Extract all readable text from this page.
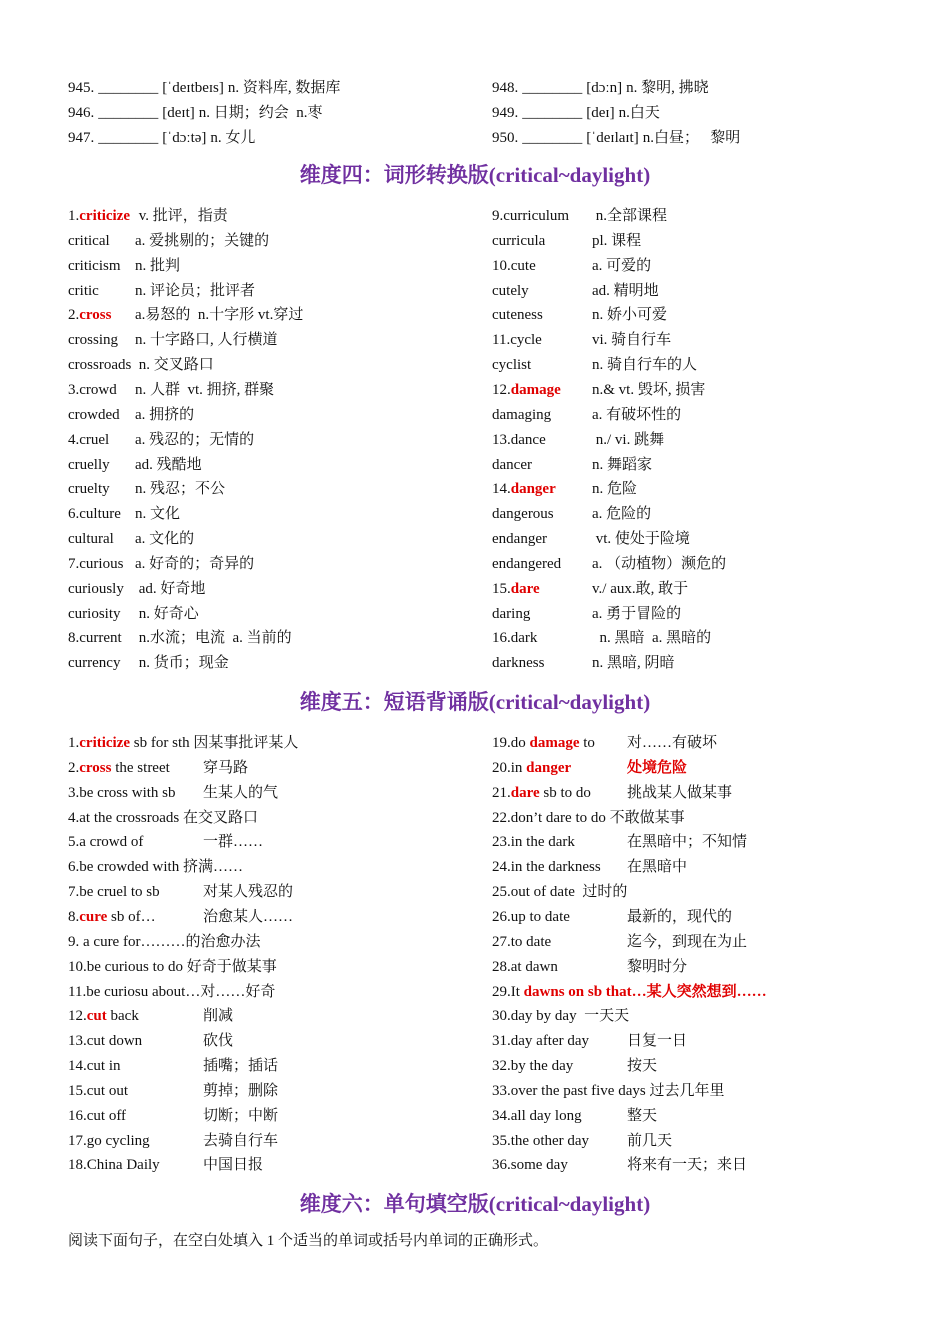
945. ________ [ˈdeɪtbeɪs] n. 资料库, 数据库
946. ________ [deɪt] n. 日期；约会  n.枣
947. ________ [ˈdɔːtə] n. 女儿
948. ________ [dɔːn] n. 黎明, 拂晓
949. ________ [deɪ] n.白天
950. ________ [ˈdeɪlaɪt] n.白昼；   黎明
1.criticize v. 批评，指责
critical a. 爱挑剔的；关键的
criticism n. 批判
critic n. 评论员；批评者
2.cross a.易怒的  n.十字形 vt.穿过
crossing n. 十字路口, 人行横道
crossroads n. 交叉路口
3.crowd n. 人群  vt. 拥挤, 群聚
crowded a. 拥挤的
4.cruel a. 残忍的；无情的
cruelly ad. 残酷地
cruelty n. 残忍；不公
6.culture n. 文化
cultural a. 文化的
7.curious a. 好奇的；奇异的
curiously ad. 好奇地
curiosity n. 好奇心
8.current n.水流；电流  a. 当前的
currency n. 货币；现金
9.curriculum n.全部课程
curricula	pl. 课程
10.cute	a. 可爱的
cutely	ad. 精明地
cuteness	n. 娇小可爱
11.cycle	vi. 骑自行车
cyclist	n. 骑自行车的人
12.damage n.& vt. 毁坏, 损害
damaging	a. 有破坏性的
13.dance	n./ vi. 跳舞
dancer	n. 舞蹈家
14.danger n. 危险
dangerous	a. 危险的
endanger	vt. 使处于险境
endangered a. （动植物）濒危的
15.dare	v./ aux.敢, 敢于
daring	a. 勇于冒险的
16.dark	n. 黑暗  a. 黑暗的
darkness	n. 黑暗, 阴暗
1.criticize sb for sth 因某事批评某人
2.cross the street 穿马路
3.be cross with sb 生某人的气
4.at the crossroads 在交叉路口
5.a crowd of	一群……
6.be crowded with 挤满……
7.be cruel to sb	对某人残忍的
8.cure sb of…	治愈某人……
9. a cure for………的治愈办法
10.be curious to do 好奇于做某事
11.be curiosu about…对……好奇
12.cut back	削减
13.cut down	砍伐
14.cut in	插嘴；插话
15.cut out	剪掉；删除
16.cut off	切断；中断
17.go cycling	去骑自行车
18.China Daily	中国日报
19.do damage to 对……有破坏
20.in danger	处境危险
21.dare sb to do 挑战某人做某事
22.don’t dare to do 不敢做某事
23.in the dark	在黑暗中；不知情
24.in the darkness 在黑暗中
25.out of date  过时的
26.up to date	最新的，现代的
27.to date	迄今，到现在为止
28.at dawn	黎明时分
29.It dawns on sb that…某人突然想到……
30.day by day  一天天
31.day after day	日复一日
32.by the day	按天
33.over the past five days 过去几年里
34.all day long	整天
35.the other day	前几天
36.some day	将来有一天；来日
维度四：词形转换版(critical~daylight)
维度五：短语背诵版(critical~daylight)
维度六：单句填空版(critical~daylight)
阅读下面句子，在空白处填入 1 个适当的单词或括号内单词的正确形式。
